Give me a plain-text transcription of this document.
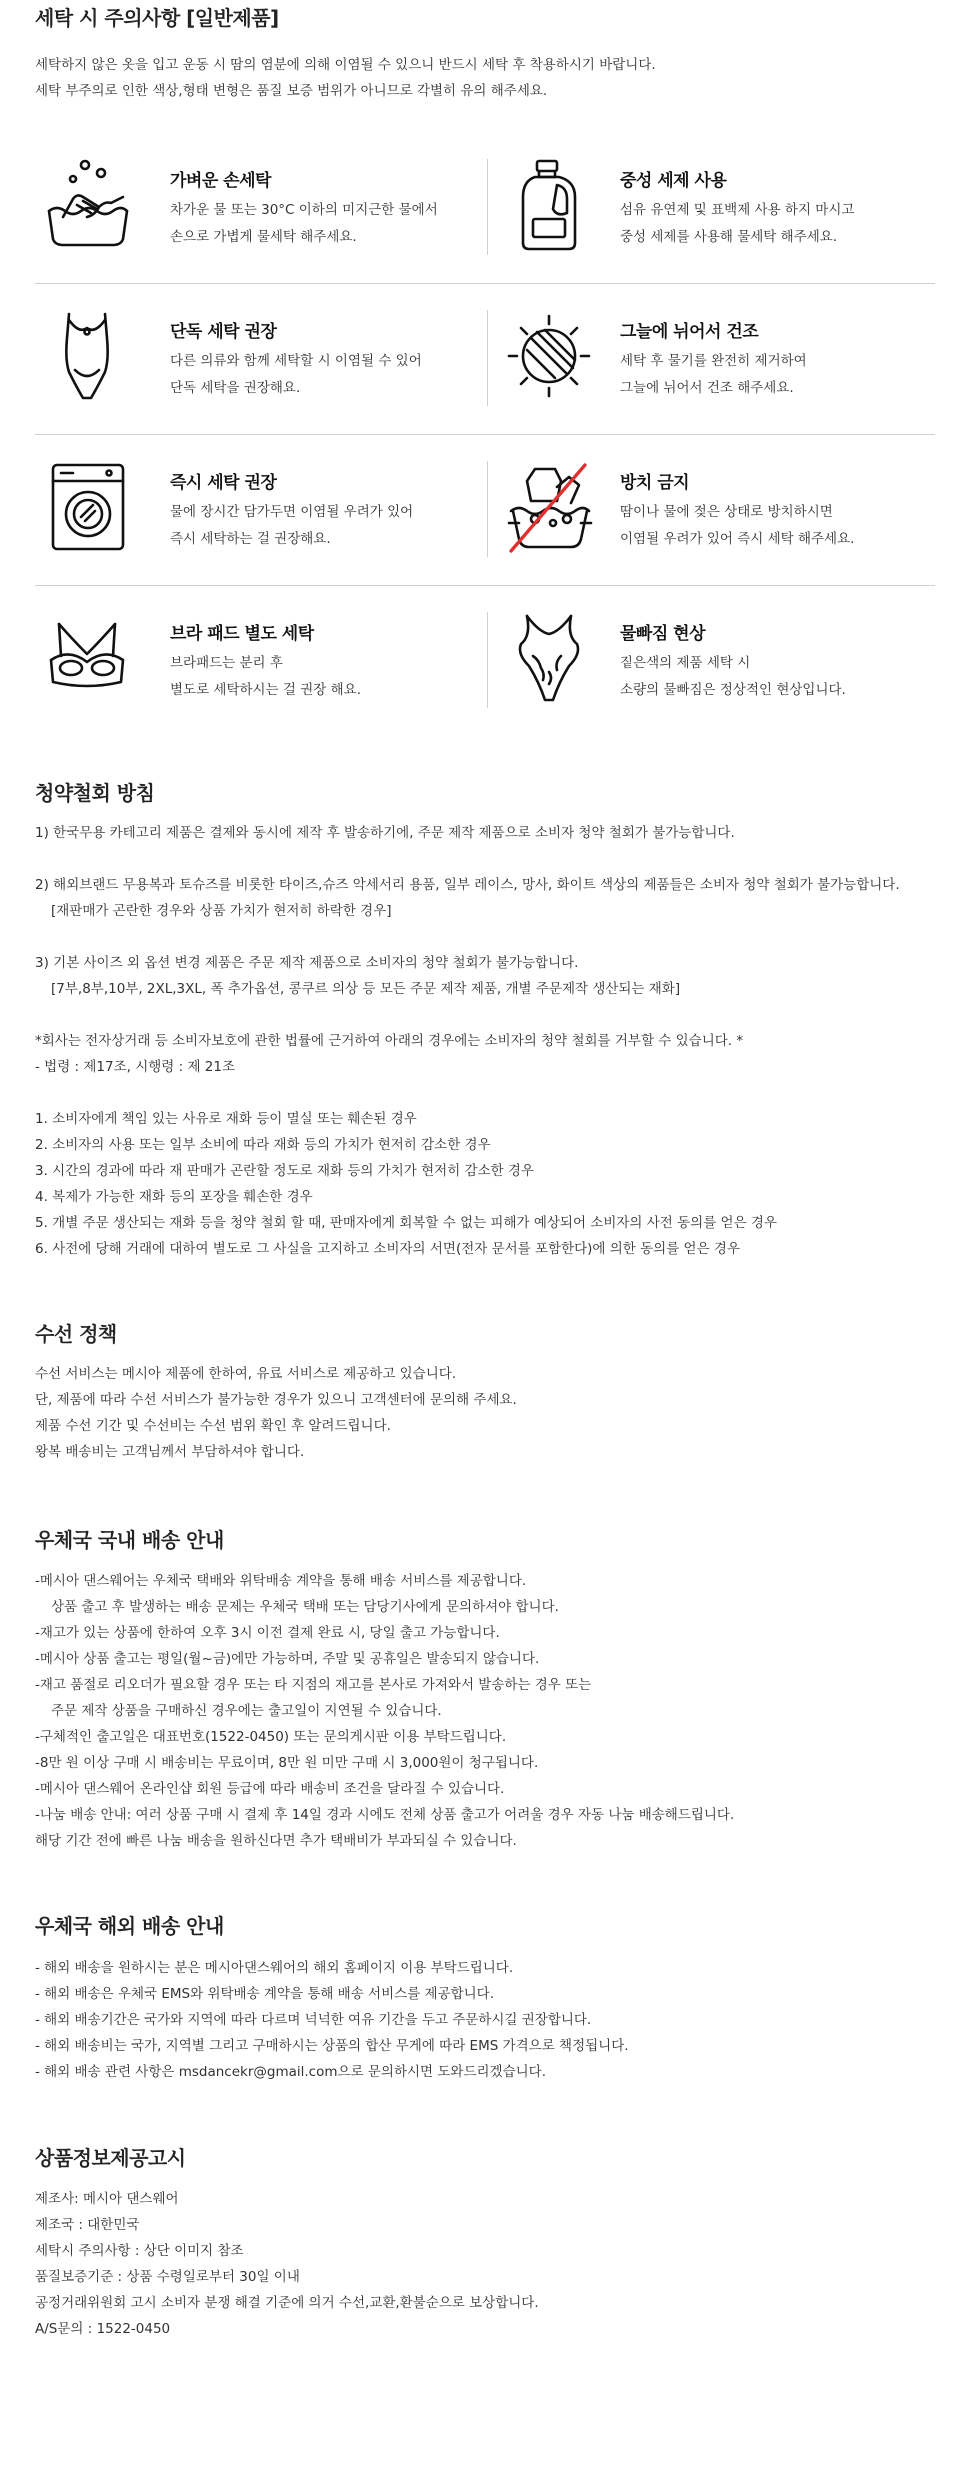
세탁 시 주의사항 [일반제품]
세탁하지 않은 옷을 입고 운동 시 땀의 염분에 의해 이염될 수 있으니 반드시 세탁 후 착용하시기 바랍니다.
세탁 부주의로 인한 색상,형태 변형은 품질 보증 범위가 아니므로 각별히 유의 해주세요.
가벼운 손세탁
차가운 물 또는 30°C 이하의 미지근한 물에서
손으로 가볍게 물세탁 해주세요.
중성 세제 사용
섬유 유연제 및 표백제 사용 하지 마시고
중성 세제를 사용해 물세탁 해주세요.
단독 세탁 권장
다른 의류와 함께 세탁할 시 이염될 수 있어
단독 세탁을 권장해요.
그늘에 뉘어서 건조
세탁 후 물기를 완전히 제거하여
그늘에 뉘어서 건조 해주세요.
즉시 세탁 권장
물에 장시간 담가두면 이염될 우려가 있어
즉시 세탁하는 걸 권장해요.
방치 금지
땀이나 물에 젖은 상태로 방치하시면
이염될 우려가 있어 즉시 세탁 해주세요.
브라 패드 별도 세탁
브라패드는 분리 후
별도로 세탁하시는 걸 권장 해요.
물빠짐 현상
짙은색의 제품 세탁 시
소량의 물빠짐은 정상적인 현상입니다.
청약철회 방침
1) 한국무용 카테고리 제품은 결제와 동시에 제작 후 발송하기에, 주문 제작 제품으로 소비자 청약 철회가 불가능합니다.

2) 해외브랜드 무용복과 토슈즈를 비롯한 타이즈,슈즈 악세서리 용품, 일부 레이스, 망사, 화이트 색상의 제품들은 소비자 청약 철회가 불가능합니다.
[재판매가 곤란한 경우와 상품 가치가 현저히 하락한 경우]

3) 기본 사이즈 외 옵션 변경 제품은 주문 제작 제품으로 소비자의 청약 철회가 불가능합니다.
[7부,8부,10부, 2XL,3XL, 폭 추가옵션, 콩쿠르 의상 등 모든 주문 제작 제품, 개별 주문제작 생산되는 재화]

*회사는 전자상거래 등 소비자보호에 관한 법률에 근거하여 아래의 경우에는 소비자의 청약 철회를 거부할 수 있습니다. *
- 법령 : 제17조, 시행령 : 제 21조

1. 소비자에게 책임 있는 사유로 재화 등이 멸실 또는 훼손된 경우
2. 소비자의 사용 또는 일부 소비에 따라 재화 등의 가치가 현저히 감소한 경우
3. 시간의 경과에 따라 재 판매가 곤란할 정도로 재화 등의 가치가 현저히 감소한 경우
4. 복제가 가능한 재화 등의 포장을 훼손한 경우
5. 개별 주문 생산되는 재화 등을 청약 철회 할 때, 판매자에게 회복할 수 없는 피해가 예상되어 소비자의 사전 동의를 얻은 경우
6. 사전에 당해 거래에 대하여 별도로 그 사실을 고지하고 소비자의 서면(전자 문서를 포함한다)에 의한 동의를 얻은 경우
수선 정책
수선 서비스는 메시아 제품에 한하여, 유료 서비스로 제공하고 있습니다.
단, 제품에 따라 수선 서비스가 불가능한 경우가 있으니 고객센터에 문의해 주세요.
제품 수선 기간 및 수선비는 수선 범위 확인 후 알려드립니다.
왕복 배송비는 고객님께서 부담하셔야 합니다.
우체국 국내 배송 안내
-메시아 댄스웨어는 우체국 택배와 위탁배송 계약을 통해 배송 서비스를 제공합니다.
상품 출고 후 발생하는 배송 문제는 우체국 택배 또는 담당기사에게 문의하셔야 합니다.
-재고가 있는 상품에 한하여 오후 3시 이전 결제 완료 시, 당일 출고 가능합니다.
-메시아 상품 출고는 평일(월~금)에만 가능하며, 주말 및 공휴일은 발송되지 않습니다.
-재고 품절로 리오더가 필요할 경우 또는 타 지점의 재고를 본사로 가져와서 발송하는 경우 또는
주문 제작 상품을 구매하신 경우에는 출고일이 지연될 수 있습니다.
-구체적인 출고일은 대표번호(1522-0450) 또는 문의게시판 이용 부탁드립니다.
-8만 원 이상 구매 시 배송비는 무료이며, 8만 원 미만 구매 시 3,000원이 청구됩니다.
-메시아 댄스웨어 온라인샵 회원 등급에 따라 배송비 조건을 달라질 수 있습니다.
-나눔 배송 안내: 여러 상품 구매 시 결제 후 14일 경과 시에도 전체 상품 출고가 어려울 경우 자동 나눔 배송해드립니다.
해당 기간 전에 빠른 나눔 배송을 원하신다면 추가 택배비가 부과되실 수 있습니다.
우체국 해외 배송 안내
- 해외 배송을 원하시는 분은 메시아댄스웨어의 해외 홈페이지 이용 부탁드립니다.
- 해외 배송은 우체국 EMS와 위탁배송 계약을 통해 배송 서비스를 제공합니다.
- 해외 배송기간은 국가와 지역에 따라 다르며 넉넉한 여유 기간을 두고 주문하시길 권장합니다.
- 해외 배송비는 국가, 지역별 그리고 구매하시는 상품의 합산 무게에 따라 EMS 가격으로 책정됩니다.
- 해외 배송 관련 사항은 msdancekr@gmail.com으로 문의하시면 도와드리겠습니다.
상품정보제공고시
제조사: 메시아 댄스웨어
제조국 : 대한민국
세탁시 주의사항 : 상단 이미지 참조
품질보증기준 : 상품 수령일로부터 30일 이내
공정거래위원회 고시 소비자 분쟁 해결 기준에 의거 수선,교환,환불순으로 보상합니다.
A/S문의 : 1522-0450
